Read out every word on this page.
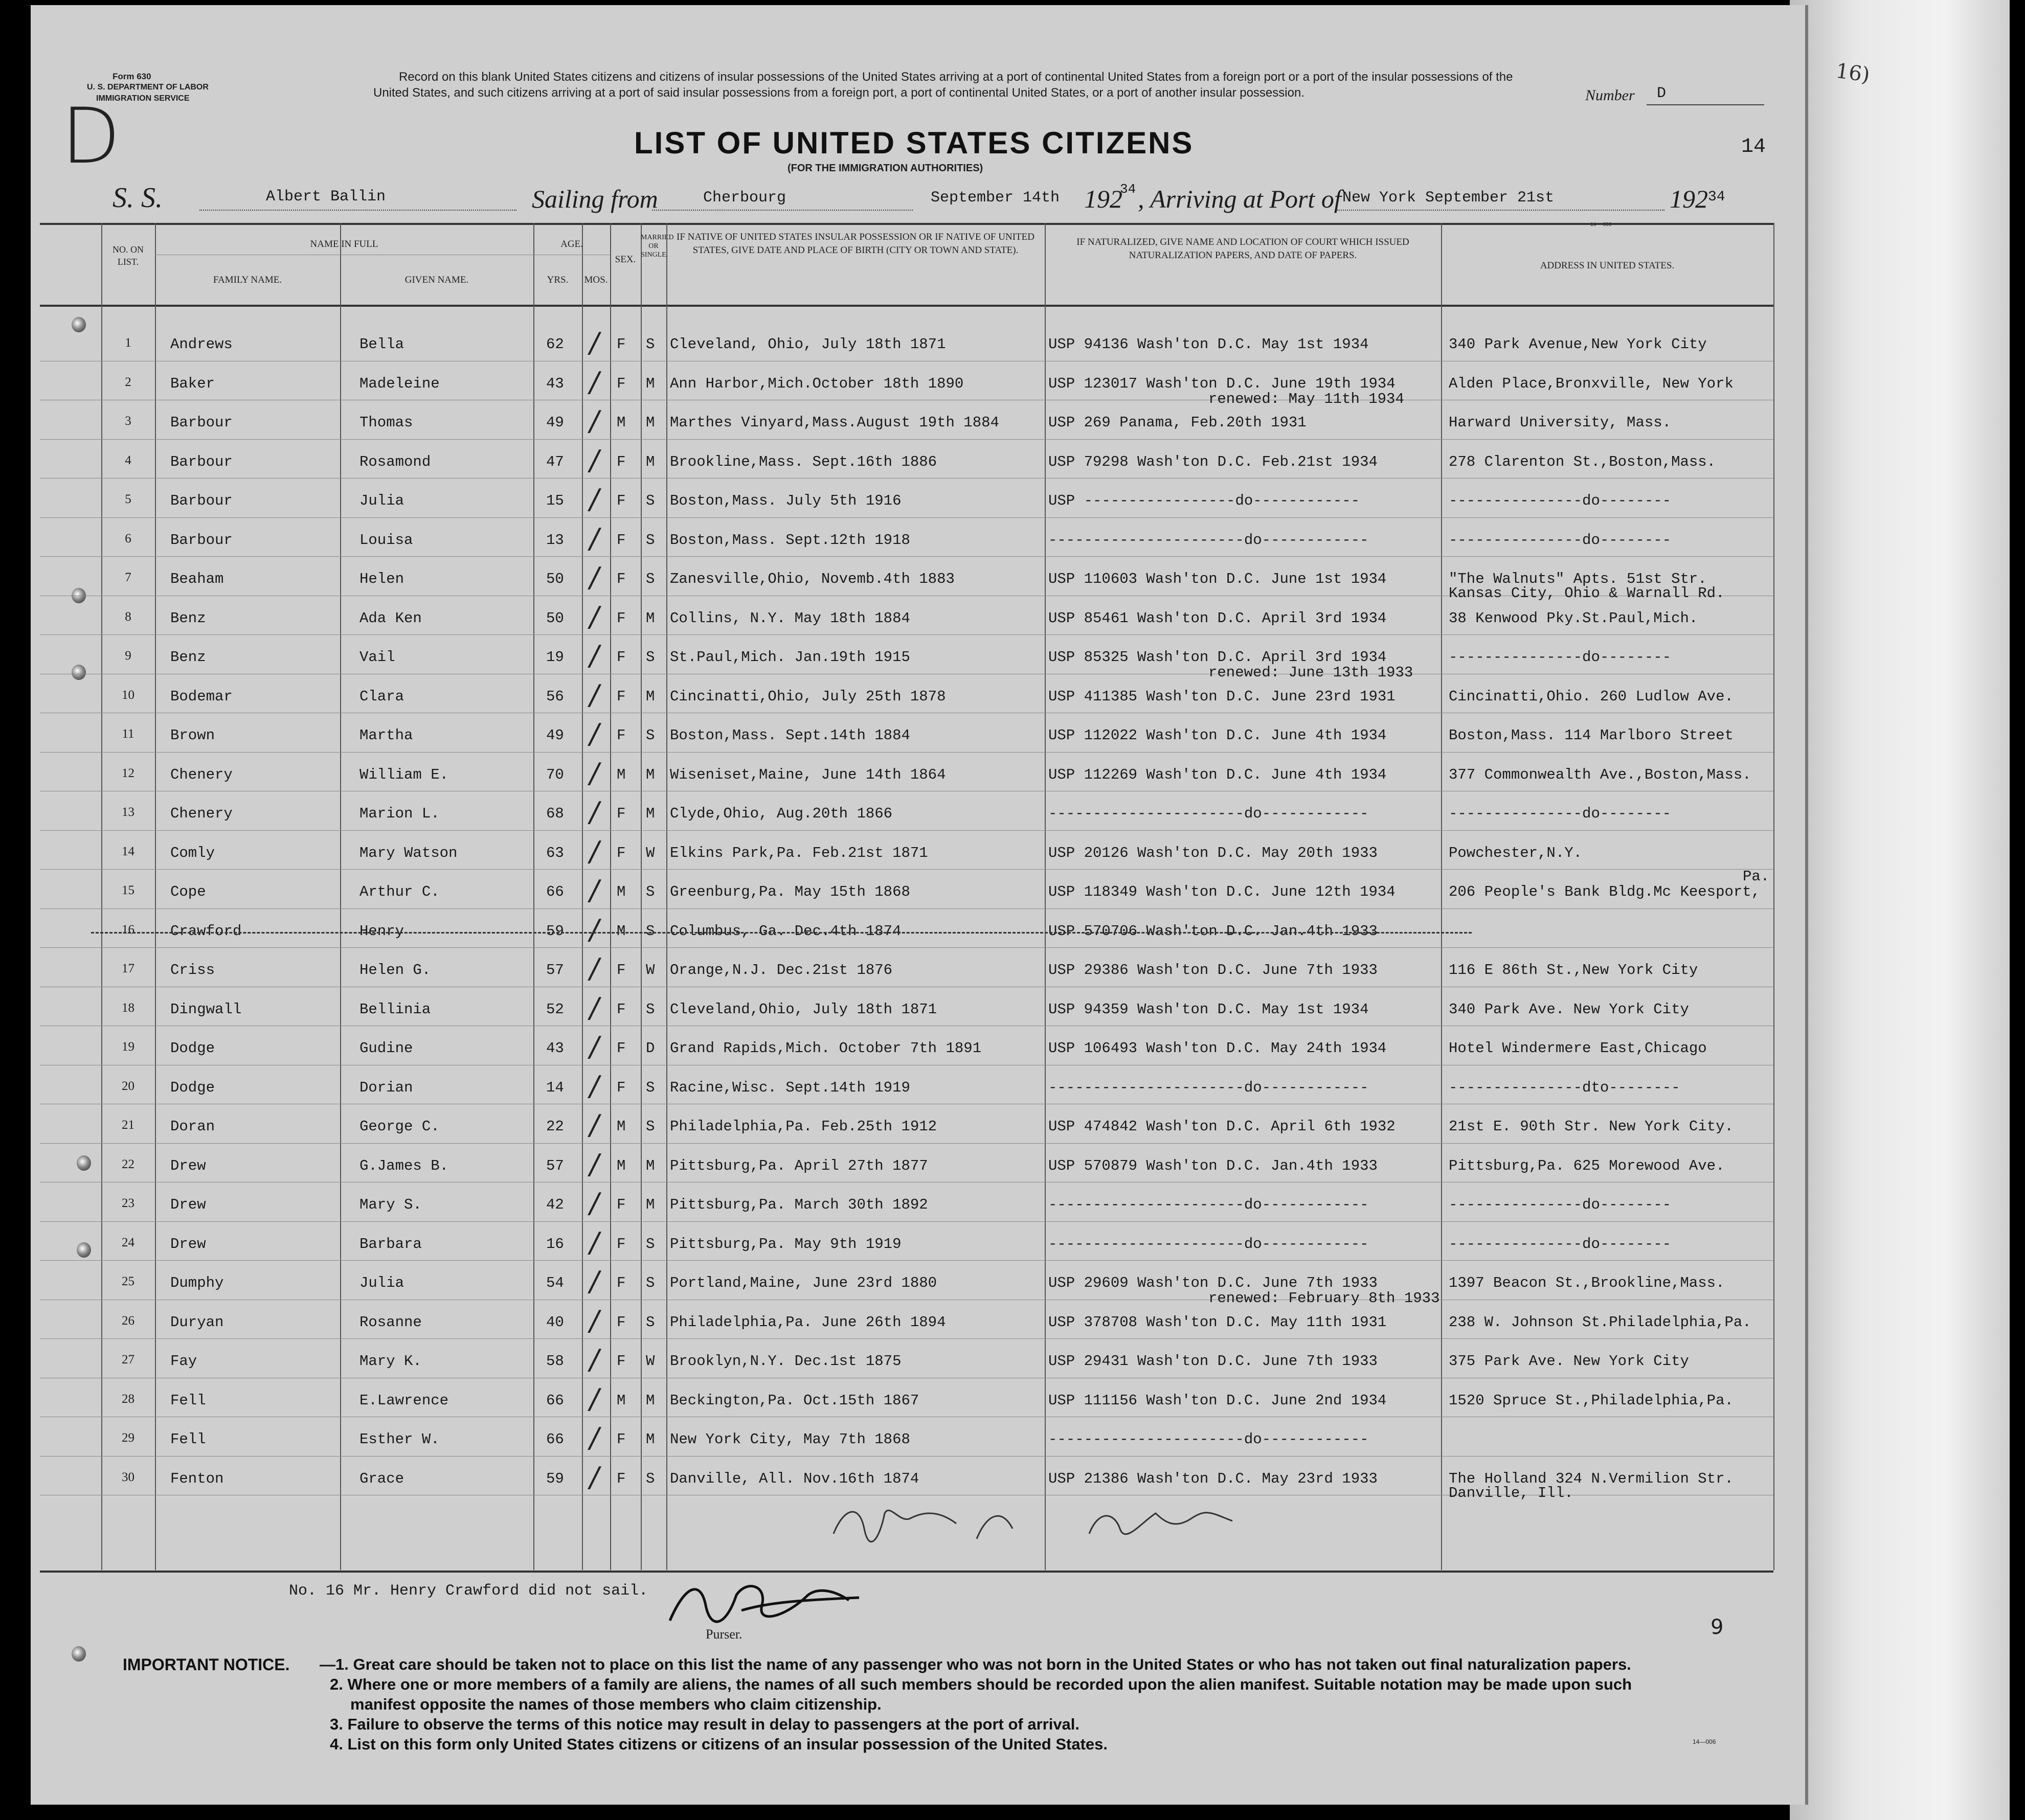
16)
D
Form 630
U. S. DEPARTMENT OF LABOR
IMMIGRATION SERVICE
Record on this blank United States citizens and citizens of insular possessions of the United States arriving at a port of continental United States from a foreign port or a port of the insular possessions of the United States, and such citizens arriving at a port of said insular possessions from a foreign port, a port of continental United States, or a port of another insular possession.	Number D
LIST OF UNITED STATES CITIZENS
(FOR THE IMMIGRATION AUTHORITIES)
14
S. S.	Albert Ballin	Sailing from	Cherbourg	September 14th 192
34 , Arriving at Port of New York September 21st	192 34
14-—006
NO. ON LIST.
NAME IN FULL
FAMILY NAME.	GIVEN NAME.
AGE.
YRS.	MOS.
SEX.
MARRIED OR SINGLE.
IF NATIVE OF UNITED STATES INSULAR POSSESSION OR IF NATIVE OF UNITED STATES, GIVE DATE AND PLACE OF BIRTH (CITY OR TOWN AND STATE).
IF NATURALIZED, GIVE NAME AND LOCATION OF COURT WHICH ISSUED NATURALIZATION PAPERS, AND DATE OF PAPERS.
ADDRESS IN UNITED STATES.
1	Andrews	Bella	62	F S Cleveland, Ohio, July 18th 1871	USP 94136 Wash'ton D.C. May 1st 1934	340 Park Avenue,New York City
/
2	Baker	Madeleine	43	F M Ann Harbor,Mich.October 18th 1890	USP 123017 Wash'ton D.C. June 19th 1934	Alden Place,Bronxville, New York
/
renewed: May 11th 1934
3	Barbour	Thomas	49	M M Marthes Vinyard,Mass.August 19th 1884	USP 269 Panama, Feb.20th 1931	Harward University, Mass.
/
4	Barbour	Rosamond	47	F M Brookline,Mass. Sept.16th 1886	USP 79298 Wash'ton D.C. Feb.21st 1934	278 Clarenton St.,Boston,Mass.
/
5	Barbour	Julia	15	F S Boston,Mass. July 5th 1916	USP -----------------do------------	---------------do--------
/
6	Barbour	Louisa	13	F S Boston,Mass. Sept.12th 1918	----------------------do------------	---------------do--------
/
7	Beaham	Helen	50	F S Zanesville,Ohio, Novemb.4th 1883	USP 110603 Wash'ton D.C. June 1st 1934	"The Walnuts" Apts. 51st Str.
/	Kansas City, Ohio & Warnall Rd.
8	Benz	Ada Ken	50	F M Collins, N.Y. May 18th 1884	USP 85461 Wash'ton D.C. April 3rd 1934	38 Kenwood Pky.St.Paul,Mich.
/
9	Benz	Vail	19	F S St.Paul,Mich. Jan.19th 1915	USP 85325 Wash'ton D.C. April 3rd 1934	---------------do--------
/
renewed: June 13th 1933
10	Bodemar	Clara	56	F M Cincinatti,Ohio, July 25th 1878	USP 411385 Wash'ton D.C. June 23rd 1931	Cincinatti,Ohio. 260 Ludlow Ave.
/
11	Brown	Martha	49	F S Boston,Mass. Sept.14th 1884	USP 112022 Wash'ton D.C. June 4th 1934	Boston,Mass. 114 Marlboro Street
/
12	Chenery	William E.	70	M M Wiseniset,Maine, June 14th 1864	USP 112269 Wash'ton D.C. June 4th 1934	377 Commonwealth Ave.,Boston,Mass.
/
13	Chenery	Marion L.	68	F M Clyde,Ohio, Aug.20th 1866	----------------------do------------	---------------do--------
/
14	Comly	Mary Watson	63	F W Elkins Park,Pa. Feb.21st 1871	USP 20126 Wash'ton D.C. May 20th 1933	Powchester,N.Y.
/
15	Cope	Arthur C.	66	M S Greenburg,Pa. May 15th 1868	USP 118349 Wash'ton D.C. June 12th 1934	206 People's Bank Bldg.Mc Keesport,
/	Pa.
16	Crawford	Henry	59	M S Columbus, Ga. Dec.4th 1874	USP 570706 Wash'ton D.C. Jan.4th 1933
/
17	Criss	Helen G.	57	F W Orange,N.J. Dec.21st 1876	USP 29386 Wash'ton D.C. June 7th 1933	116 E 86th St.,New York City
/
18	Dingwall	Bellinia	52	F S Cleveland,Ohio, July 18th 1871	USP 94359 Wash'ton D.C. May 1st 1934	340 Park Ave. New York City
/
19	Dodge	Gudine	43	F D Grand Rapids,Mich. October 7th 1891	USP 106493 Wash'ton D.C. May 24th 1934	Hotel Windermere East,Chicago
/
20	Dodge	Dorian	14	F S Racine,Wisc. Sept.14th 1919	----------------------do------------	---------------dto--------
/
21	Doran	George C.	22	M S Philadelphia,Pa. Feb.25th 1912	USP 474842 Wash'ton D.C. April 6th 1932	21st E. 90th Str. New York City.
/
22	Drew	G.James B.	57	M M Pittsburg,Pa. April 27th 1877	USP 570879 Wash'ton D.C. Jan.4th 1933	Pittsburg,Pa. 625 Morewood Ave.
/
23	Drew	Mary S.	42	F M Pittsburg,Pa. March 30th 1892	----------------------do------------	---------------do--------
/
24	Drew	Barbara	16	F S Pittsburg,Pa. May 9th 1919	----------------------do------------	---------------do--------
/
25	Dumphy	Julia	54	F S Portland,Maine, June 23rd 1880	USP 29609 Wash'ton D.C. June 7th 1933	1397 Beacon St.,Brookline,Mass.
/
renewed: February 8th 1933
26	Duryan	Rosanne	40	F S Philadelphia,Pa. June 26th 1894	USP 378708 Wash'ton D.C. May 11th 1931	238 W. Johnson St.Philadelphia,Pa.
/
27	Fay	Mary K.	58	F W Brooklyn,N.Y. Dec.1st 1875	USP 29431 Wash'ton D.C. June 7th 1933	375 Park Ave. New York City
/
28	Fell	E.Lawrence	66	M M Beckington,Pa. Oct.15th 1867	USP 111156 Wash'ton D.C. June 2nd 1934	1520 Spruce St.,Philadelphia,Pa.
/
29	Fell	Esther W.	66	F M New York City, May 7th 1868	----------------------do------------
/
30	Fenton	Grace	59	F S Danville, All. Nov.16th 1874	USP 21386 Wash'ton D.C. May 23rd 1933	The Holland 324 N.Vermilion Str.
/	Danville, Ill.
No. 16 Mr. Henry Crawford did not sail.
Purser.	9
IMPORTANT NOTICE. —1. Great care should be taken not to place on this list the name of any passenger who was not born in the United States or who has not taken out final naturalization papers.
2. Where one or more members of a family are aliens, the names of all such members should be recorded upon the alien manifest. Suitable notation may be made upon such
manifest opposite the names of those members who claim citizenship.
3. Failure to observe the terms of this notice may result in delay to passengers at the port of arrival.
4. List on this form only United States citizens or citizens of an insular possession of the United States.	14—006
